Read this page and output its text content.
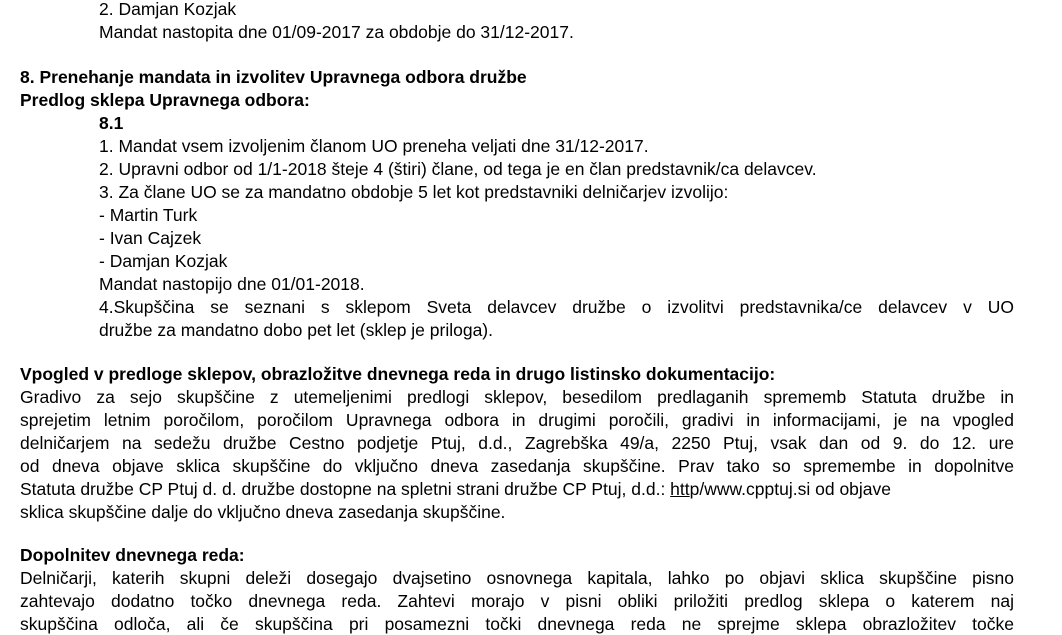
2. Damjan Kozjak
Mandat nastopita dne 01/09-2017 za obdobje do 31/12-2017.
8. Prenehanje mandata in izvolitev Upravnega odbora družbe
Predlog sklepa Upravnega odbora:
8.1
1. Mandat vsem izvoljenim članom UO preneha veljati dne 31/12-2017.
2. Upravni odbor od 1/1-2018 šteje 4 (štiri) člane, od tega je en član predstavnik/ca delavcev.
3. Za člane UO se za mandatno obdobje 5 let kot predstavniki delničarjev izvolijo:
- Martin Turk
- Ivan Cajzek
- Damjan Kozjak
Mandat nastopijo dne 01/01-2018.
4.Skupščina se seznani s sklepom Sveta delavcev družbe o izvolitvi predstavnika/ce delavcev v UO
družbe za mandatno dobo pet let (sklep je priloga).
Vpogled v predloge sklepov, obrazložitve dnevnega reda in drugo listinsko dokumentacijo:
Gradivo za sejo skupščine z utemeljenimi predlogi sklepov, besedilom predlaganih sprememb Statuta družbe in
sprejetim letnim poročilom, poročilom Upravnega odbora in drugimi poročili, gradivi in informacijami, je na vpogled
delničarjem na sedežu družbe Cestno podjetje Ptuj, d.d., Zagrebška 49/a, 2250 Ptuj, vsak dan od 9. do 12. ure
od dneva objave sklica skupščine do vključno dneva zasedanja skupščine. Prav tako so spremembe in dopolnitve
Statuta družbe CP Ptuj d. d. družbe dostopne na spletni strani družbe CP Ptuj, d.d.: http/www.cpptuj.si od objave
sklica skupščine dalje do vključno dneva zasedanja skupščine.
Dopolnitev dnevnega reda:
Delničarji, katerih skupni deleži dosegajo dvajsetino osnovnega kapitala, lahko po objavi sklica skupščine pisno
zahtevajo dodatno točko dnevnega reda. Zahtevi morajo v pisni obliki priložiti predlog sklepa o katerem naj
skupščina odloča, ali če skupščina pri posamezni točki dnevnega reda ne sprejme sklepa obrazložitev točke
